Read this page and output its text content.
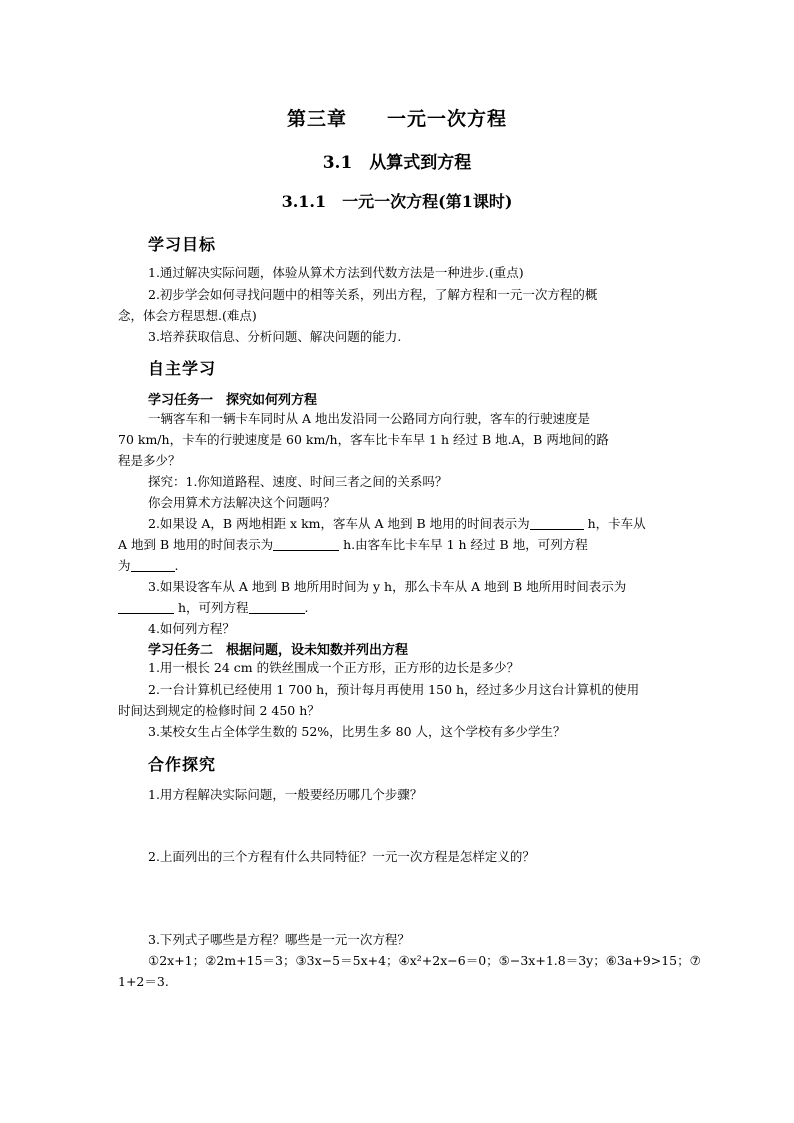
第三章　　一元一次方程
3.1　从算式到方程
3.1.1　一元一次方程(第1课时)
学习目标
1.通过解决实际问题，体验从算术方法到代数方法是一种进步.(重点)
2.初步学会如何寻找问题中的相等关系，列出方程，了解方程和一元一次方程的概
念，体会方程思想.(难点)
3.培养获取信息、分析问题、解决问题的能力.
自主学习
学习任务一　探究如何列方程
一辆客车和一辆卡车同时从 A 地出发沿同一公路同方向行驶，客车的行驶速度是
70 km/h，卡车的行驶速度是 60 km/h，客车比卡车早 1 h 经过 B 地.A，B 两地间的路
程是多少？
探究：1.你知道路程、速度、时间三者之间的关系吗？
你会用算术方法解决这个问题吗？
2.如果设 A，B 两地相距 x km，客车从 A 地到 B 地用的时间表示为	h，卡车从
A 地到 B 地用的时间表示为	h.由客车比卡车早 1 h 经过 B 地，可列方程
为	.
3.如果设客车从 A 地到 B 地所用时间为 y h，那么卡车从 A 地到 B 地所用时间表示为
h，可列方程	.
4.如何列方程？
学习任务二　根据问题，设未知数并列出方程
1.用一根长 24 cm 的铁丝围成一个正方形，正方形的边长是多少？
2.一台计算机已经使用 1 700 h，预计每月再使用 150 h，经过多少月这台计算机的使用
时间达到规定的检修时间 2 450 h？
3.某校女生占全体学生数的 52%，比男生多 80 人，这个学校有多少学生？
合作探究
1.用方程解决实际问题，一般要经历哪几个步骤？
2.上面列出的三个方程有什么共同特征？一元一次方程是怎样定义的？
3.下列式子哪些是方程？哪些是一元一次方程？
①2x+1；②2m+15＝3；③3x−5＝5x+4；④x²+2x−6＝0；⑤−3x+1.8＝3y；⑥3a+9>15；⑦
1+2＝3.
